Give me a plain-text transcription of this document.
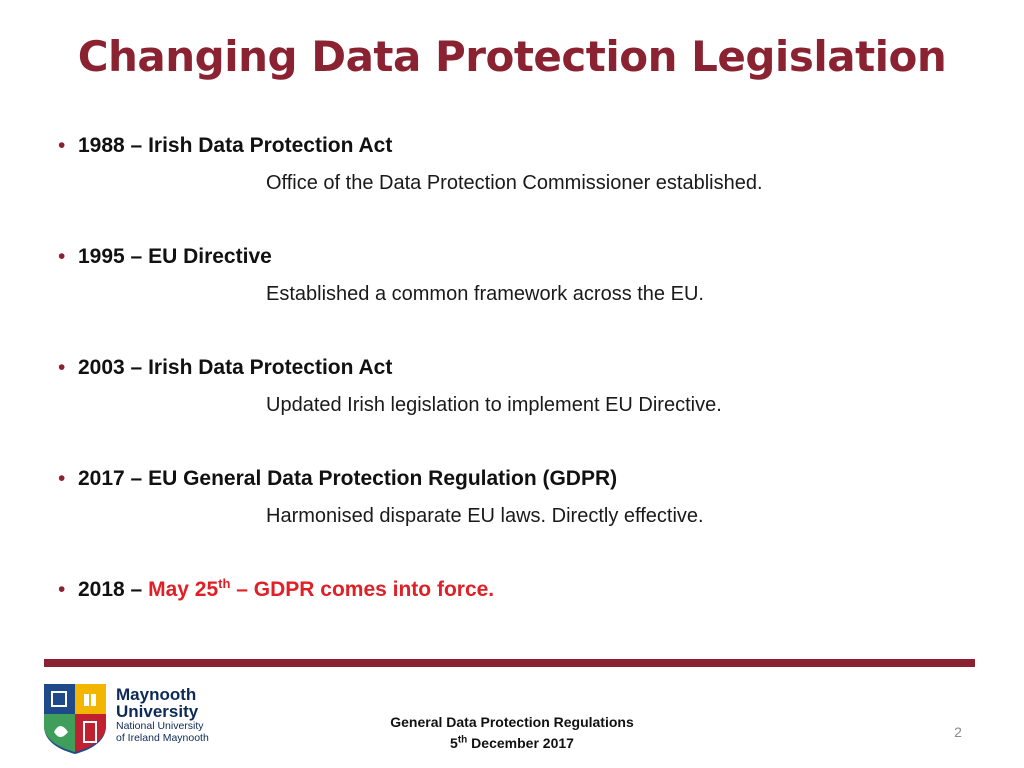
Changing Data Protection Legislation
• 1988 – Irish Data Protection Act
Office of the Data Protection Commissioner established.
• 1995 – EU Directive
Established a common framework across the EU.
• 2003 – Irish Data Protection Act
Updated Irish legislation to implement EU Directive.
• 2017 – EU General Data Protection Regulation (GDPR)
Harmonised disparate EU laws. Directly effective.
• 2018 – May 25th – GDPR comes into force.
Maynooth
University
National University
of Ireland Maynooth
General Data Protection Regulations
5th December 2017
2
